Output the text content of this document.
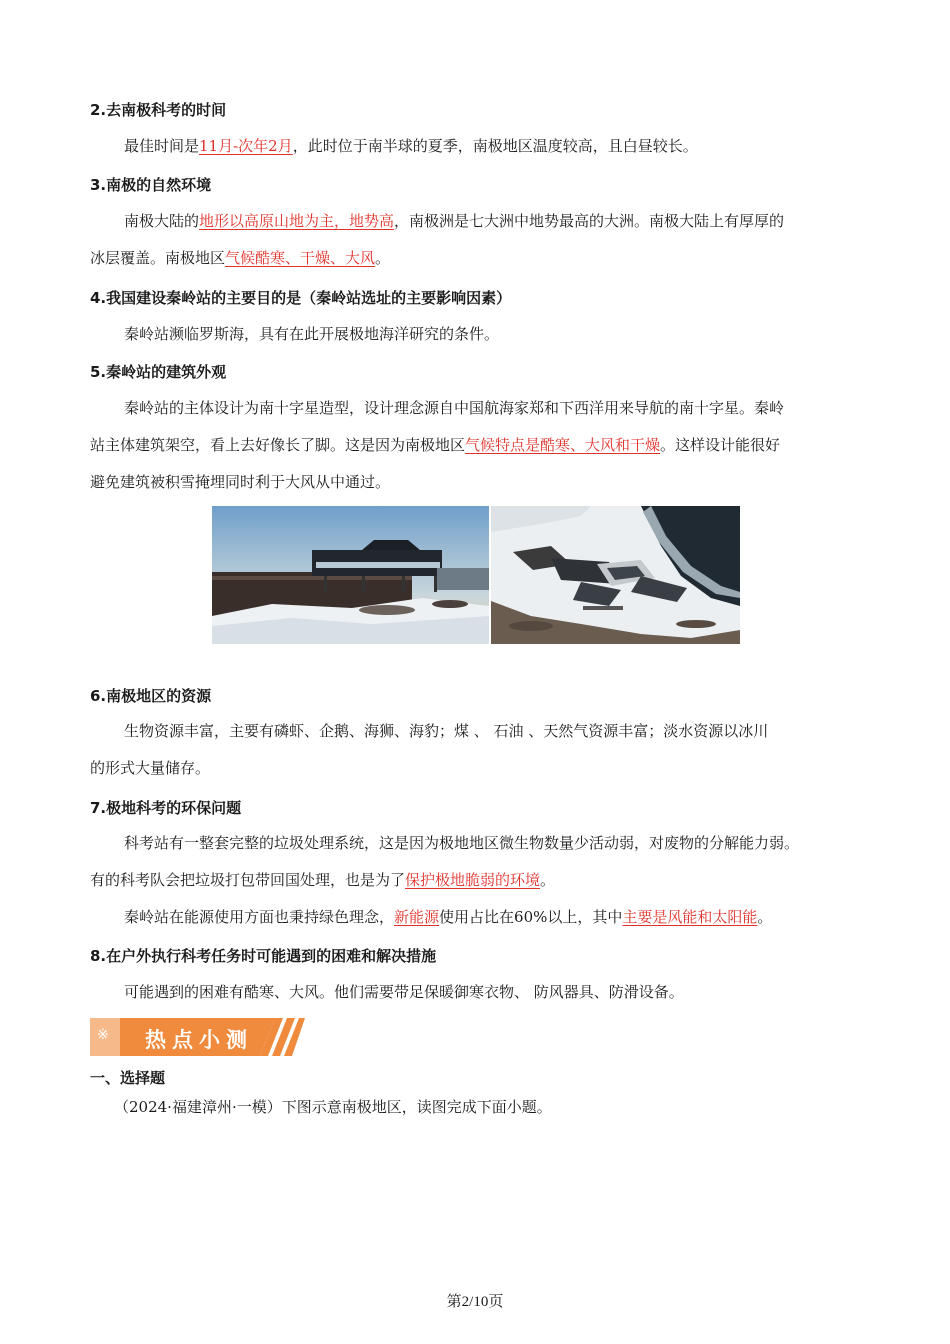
2.去南极科考的时间
最佳时间是11月-次年2月，此时位于南半球的夏季，南极地区温度较高，且白昼较长。
3.南极的自然环境
南极大陆的地形以高原山地为主，地势高，南极洲是七大洲中地势最高的大洲。南极大陆上有厚厚的
冰层覆盖。南极地区气候酷寒、干燥、大风。
4.我国建设秦岭站的主要目的是（秦岭站选址的主要影响因素）
秦岭站濒临罗斯海，具有在此开展极地海洋研究的条件。
5.秦岭站的建筑外观
秦岭站的主体设计为南十字星造型，设计理念源自中国航海家郑和下西洋用来导航的南十字星。秦岭
站主体建筑架空，看上去好像长了脚。这是因为南极地区气候特点是酷寒、大风和干燥。这样设计能很好
避免建筑被积雪掩埋同时利于大风从中通过。
6.南极地区的资源
生物资源丰富，主要有磷虾、企鹅、海狮、海豹；煤 、 石油 、天然气资源丰富；淡水资源以冰川
的形式大量储存。
7.极地科考的环保问题
科考站有一整套完整的垃圾处理系统，这是因为极地地区微生物数量少活动弱，对废物的分解能力弱。
有的科考队会把垃圾打包带回国处理，也是为了保护极地脆弱的环境。
秦岭站在能源使用方面也秉持绿色理念，新能源使用占比在60%以上，其中主要是风能和太阳能。
8.在户外执行科考任务时可能遇到的困难和解决措施
可能遇到的困难有酷寒、大风。他们需要带足保暖御寒衣物、 防风器具、防滑设备。
※ 热点小测
一、选择题
（2024·福建漳州·一模）下图示意南极地区，读图完成下面小题。
第2/10页
